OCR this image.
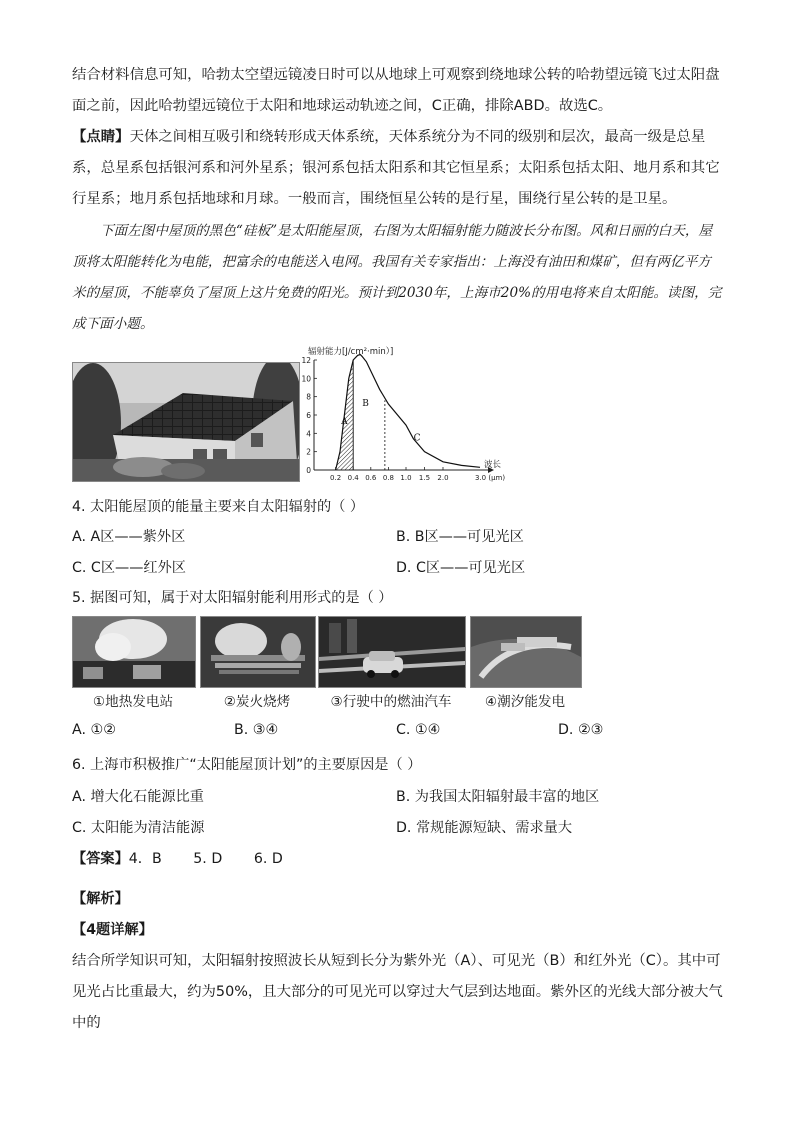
结合材料信息可知，哈勃太空望远镜凌日时可以从地球上可观察到绕地球公转的哈勃望远镜飞过太阳盘面之前，因此哈勃望远镜位于太阳和地球运动轨迹之间，C正确，排除ABD。故选C。

【点睛】天体之间相互吸引和绕转形成天体系统，天体系统分为不同的级别和层次，最高一级是总星系，总星系包括银河系和河外星系；银河系包括太阳系和其它恒星系；太阳系包括太阳、地月系和其它行星系；地月系包括地球和月球。一般而言，围绕恒星公转的是行星，围绕行星公转的是卫星。

下面左图中屋顶的黑色“硅板”是太阳能屋顶，右图为太阳辐射能力随波长分布图。风和日丽的白天，屋顶将太阳能转化为电能，把富余的电能送入电网。我国有关专家指出：上海没有油田和煤矿，但有两亿平方米的屋顶，不能辜负了屋顶上这片免费的阳光。预计到2030年，上海市20%的用电将来自太阳能。读图，完成下面小题。

辐射能力[J/cm²·min）]
12
10
8
6
4
2
0
0.2 0.4 0.6 0.8 1.0 1.5 2.0
A
B
C
波长
3.0 (μm)
4. 太阳能屋顶的能量主要来自太阳辐射的（ ）
A. A区——紫外区	B. B区——可见光区
C. C区——红外区	D. C区——可见光区
5. 据图可知，属于对太阳辐射能利用形式的是（ ）
①地热发电站	②炭火烧烤	③行驶中的燃油汽车	④潮汐能发电
A. ①②	B. ③④	C. ①④	D. ②③
6. 上海市积极推广“太阳能屋顶计划”的主要原因是（ ）
A. 增大化石能源比重	B. 为我国太阳辐射最丰富的地区
C. 太阳能为清洁能源	D. 常规能源短缺、需求量大
【答案】4．B       5. D       6. D
【解析】
【4题详解】

结合所学知识可知，太阳辐射按照波长从短到长分为紫外光（A）、可见光（B）和红外光（C）。其中可见光占比重最大，约为50%，且大部分的可见光可以穿过大气层到达地面。紫外区的光线大部分被大气中的
